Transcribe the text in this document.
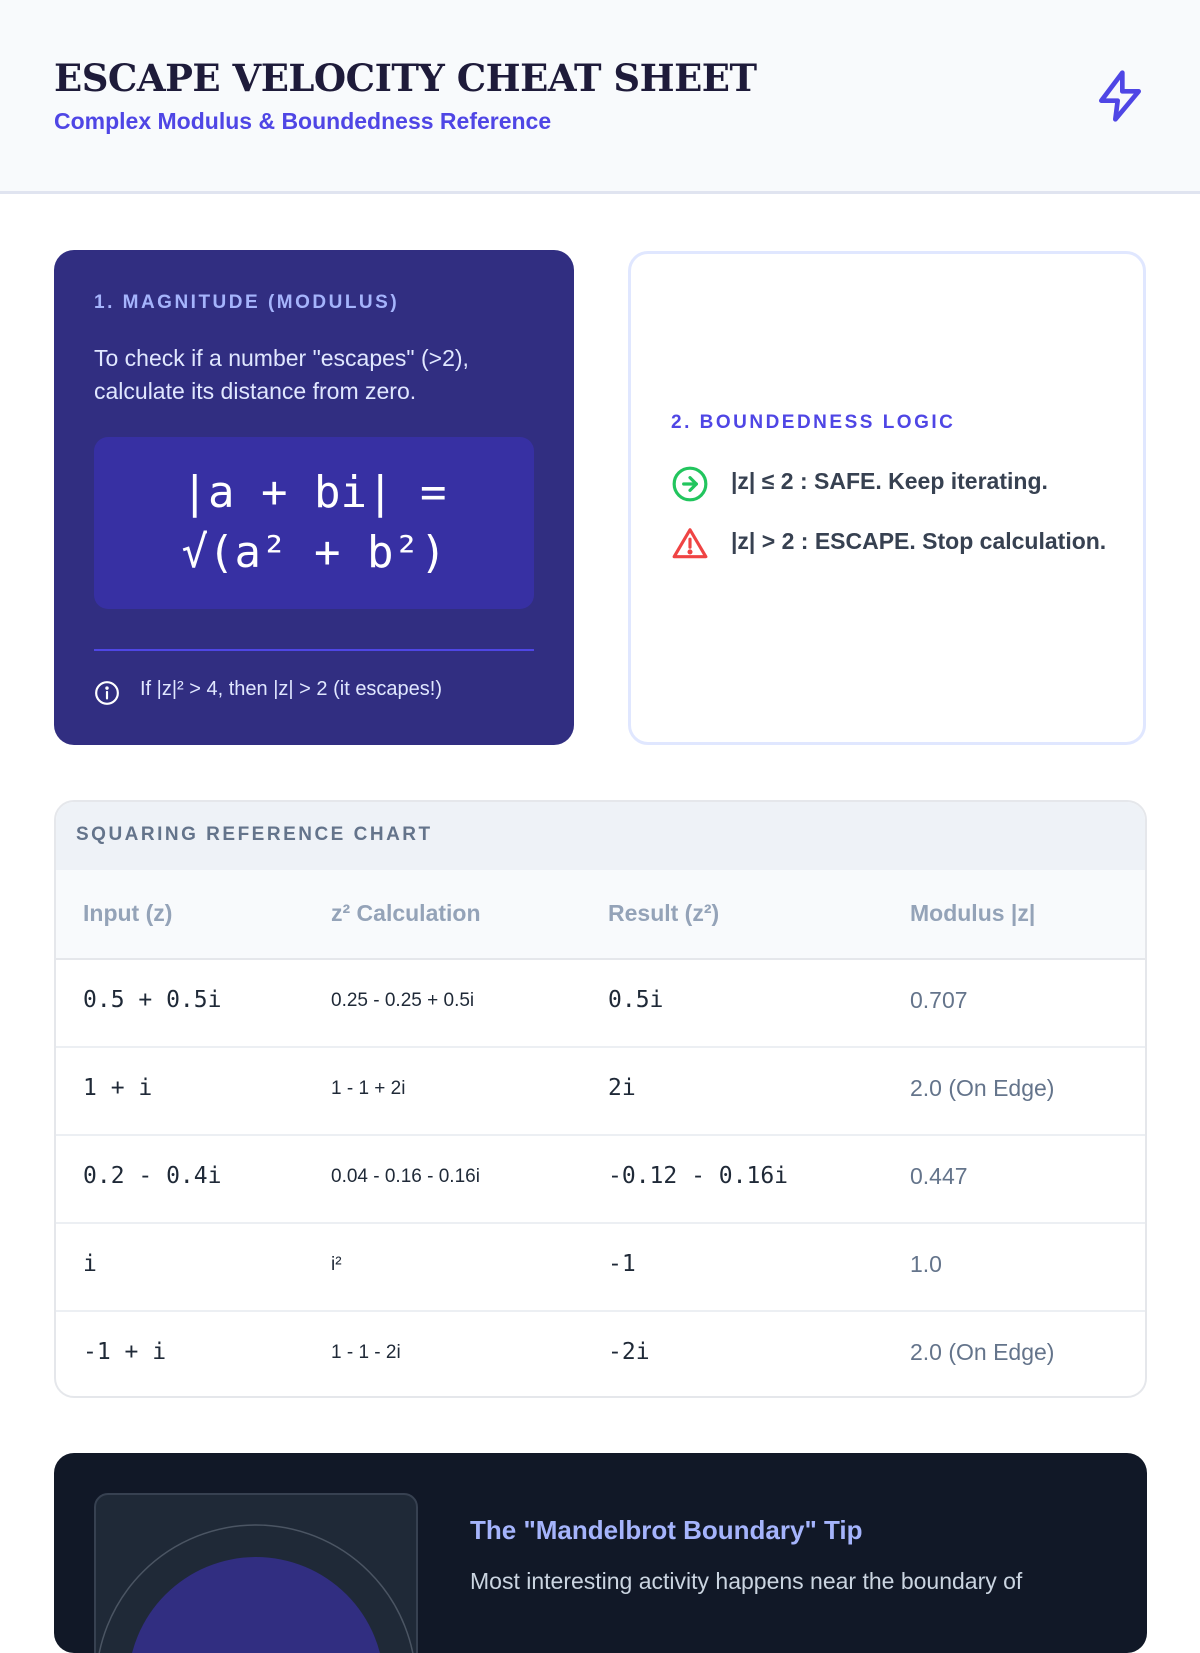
ESCAPE VELOCITY CHEAT SHEET
Complex Modulus & Boundedness Reference
1. MAGNITUDE (MODULUS)
To check if a number "escapes" (>2), calculate its distance from zero.
|a + bi| =
√(a² + b²)
If |z|² > 4, then |z| > 2 (it escapes!)
2. BOUNDEDNESS LOGIC
|z| ≤ 2 : SAFE. Keep iterating.
|z| > 2 : ESCAPE. Stop calculation.
SQUARING REFERENCE CHART
Input (z)	z² Calculation	Result (z²)	Modulus |z|
0.5 + 0.5i	0.25 - 0.25 + 0.5i	0.5i	0.707
1 + i	1 - 1 + 2i	2i	2.0 (On Edge)
0.2 - 0.4i	0.04 - 0.16 - 0.16i	-0.12 - 0.16i	0.447
i	i²	-1	1.0
-1 + i	1 - 1 - 2i	-2i	2.0 (On Edge)
The "Mandelbrot Boundary" Tip
Most interesting activity happens near the boundary of
